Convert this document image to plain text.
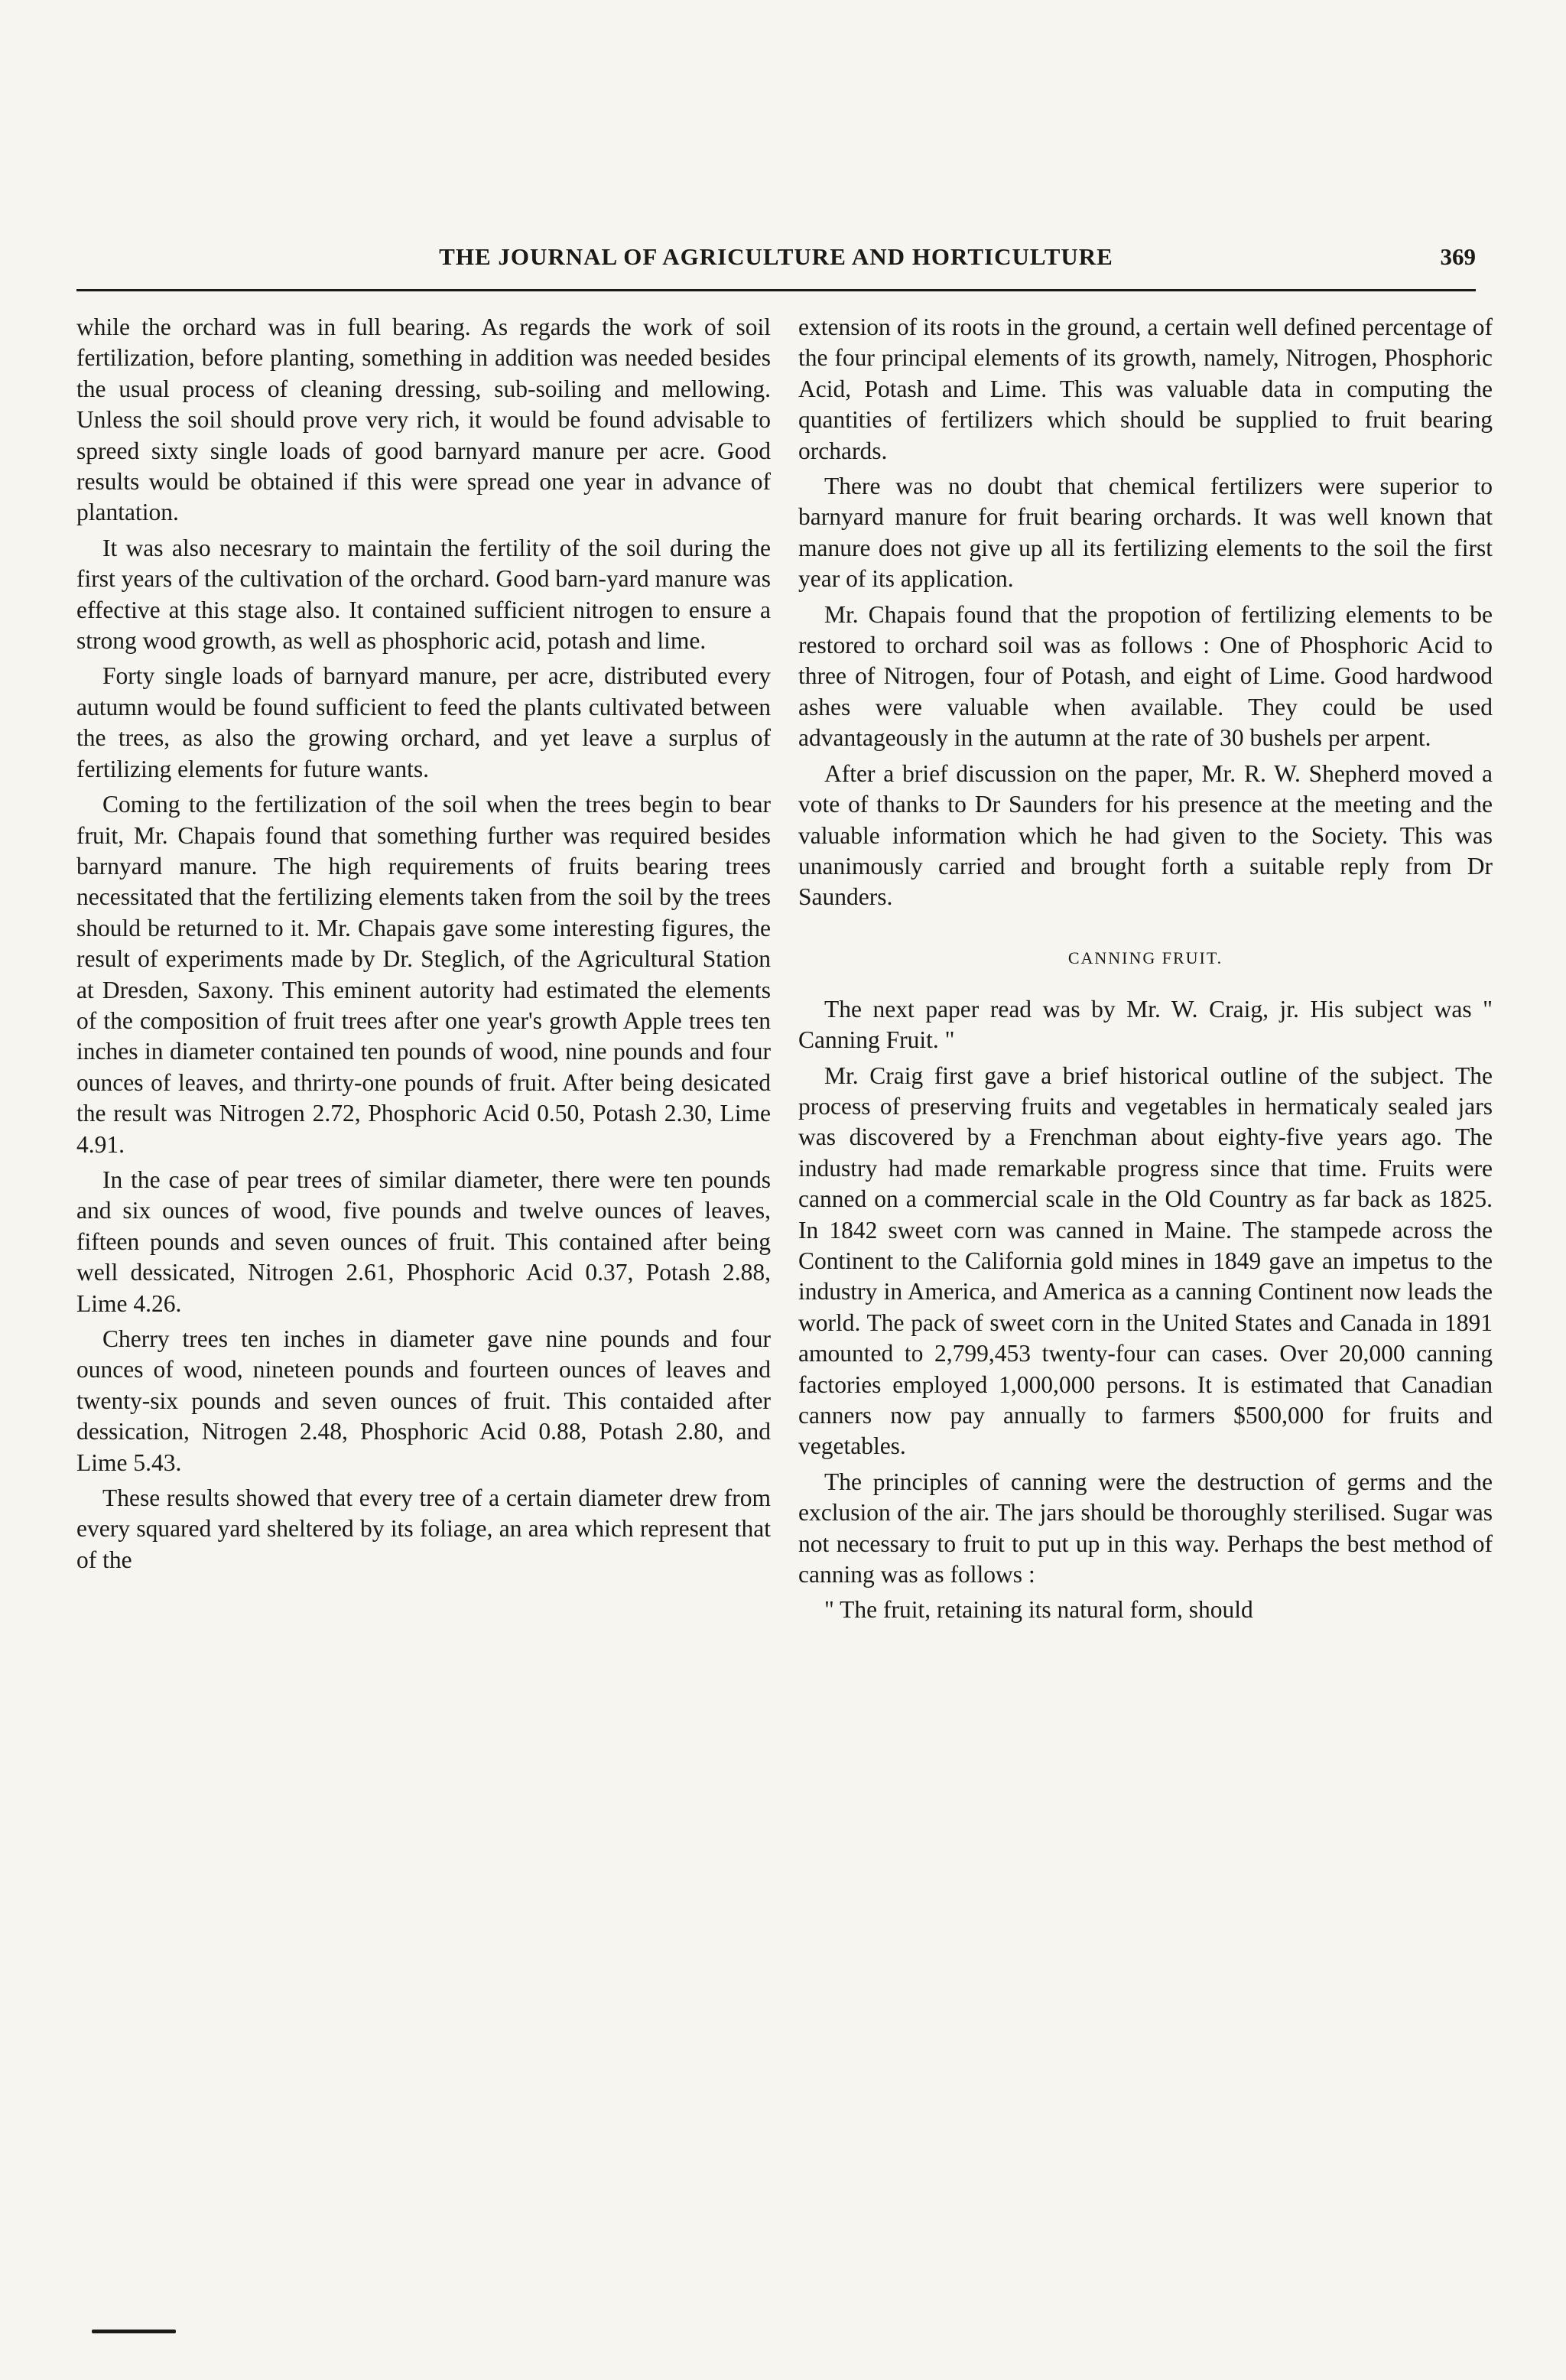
THE JOURNAL OF AGRICULTURE AND HORTICULTURE	369

while the orchard was in full bearing. As regards the work of soil fertilization, before planting, something in addition was needed besides the usual process of cleaning dressing, sub-soiling and mellowing. Unless the soil should prove very rich, it would be found advisable to spreed sixty single loads of good barnyard manure per acre. Good results would be obtained if this were spread one year in advance of plantation.

It was also necesrary to maintain the fertility of the soil during the first years of the cultivation of the orchard. Good barn-yard manure was effective at this stage also. It contained sufficient nitrogen to ensure a strong wood growth, as well as phosphoric acid, potash and lime.

Forty single loads of barnyard manure, per acre, distributed every autumn would be found sufficient to feed the plants cultivated between the trees, as also the growing orchard, and yet leave a surplus of fertilizing elements for future wants.

Coming to the fertilization of the soil when the trees begin to bear fruit, Mr. Chapais found that something further was required besides barnyard manure. The high requirements of fruits bearing trees necessitated that the fertilizing elements taken from the soil by the trees should be returned to it. Mr. Chapais gave some interesting figures, the result of experiments made by Dr. Steglich, of the Agricultural Station at Dresden, Saxony. This eminent autority had estimated the elements of the composition of fruit trees after one year's growth Apple trees ten inches in diameter contained ten pounds of wood, nine pounds and four ounces of leaves, and thrirty-one pounds of fruit. After being desicated the result was Nitrogen 2.72, Phosphoric Acid 0.50, Potash 2.30, Lime 4.91.

In the case of pear trees of similar diameter, there were ten pounds and six ounces of wood, five pounds and twelve ounces of leaves, fifteen pounds and seven ounces of fruit. This contained after being well dessicated, Nitrogen 2.61, Phosphoric Acid 0.37, Potash 2.88, Lime 4.26.

Cherry trees ten inches in diameter gave nine pounds and four ounces of wood, nineteen pounds and fourteen ounces of leaves and twenty-six pounds and seven ounces of fruit. This contaided after dessication, Nitrogen 2.48, Phosphoric Acid 0.88, Potash 2.80, and Lime 5.43.

These results showed that every tree of a certain diameter drew from every squared yard sheltered by its foliage, an area which represent that of the

extension of its roots in the ground, a certain well defined percentage of the four principal elements of its growth, namely, Nitrogen, Phosphoric Acid, Potash and Lime. This was valuable data in computing the quantities of fertilizers which should be supplied to fruit bearing orchards.

There was no doubt that chemical fertilizers were superior to barnyard manure for fruit bearing orchards. It was well known that manure does not give up all its fertilizing elements to the soil the first year of its application.

Mr. Chapais found that the propotion of fertilizing elements to be restored to orchard soil was as follows : One of Phosphoric Acid to three of Nitrogen, four of Potash, and eight of Lime. Good hardwood ashes were valuable when available. They could be used advantageously in the autumn at the rate of 30 bushels per arpent.

After a brief discussion on the paper, Mr. R. W. Shepherd moved a vote of thanks to Dr Saunders for his presence at the meeting and the valuable information which he had given to the Society. This was unanimously carried and brought forth a suitable reply from Dr Saunders.

CANNING FRUIT.

The next paper read was by Mr. W. Craig, jr. His subject was " Canning Fruit. "

Mr. Craig first gave a brief historical outline of the subject. The process of preserving fruits and vegetables in hermaticaly sealed jars was discovered by a Frenchman about eighty-five years ago. The industry had made remarkable progress since that time. Fruits were canned on a commercial scale in the Old Country as far back as 1825. In 1842 sweet corn was canned in Maine. The stampede across the Continent to the California gold mines in 1849 gave an impetus to the industry in America, and America as a canning Continent now leads the world. The pack of sweet corn in the United States and Canada in 1891 amounted to 2,799,453 twenty-four can cases. Over 20,000 canning factories employed 1,000,000 persons. It is estimated that Canadian canners now pay annually to farmers $500,000 for fruits and vegetables.

The principles of canning were the destruction of germs and the exclusion of the air. The jars should be thoroughly sterilised. Sugar was not necessary to fruit to put up in this way. Perhaps the best method of canning was as follows :

" The fruit, retaining its natural form, should
